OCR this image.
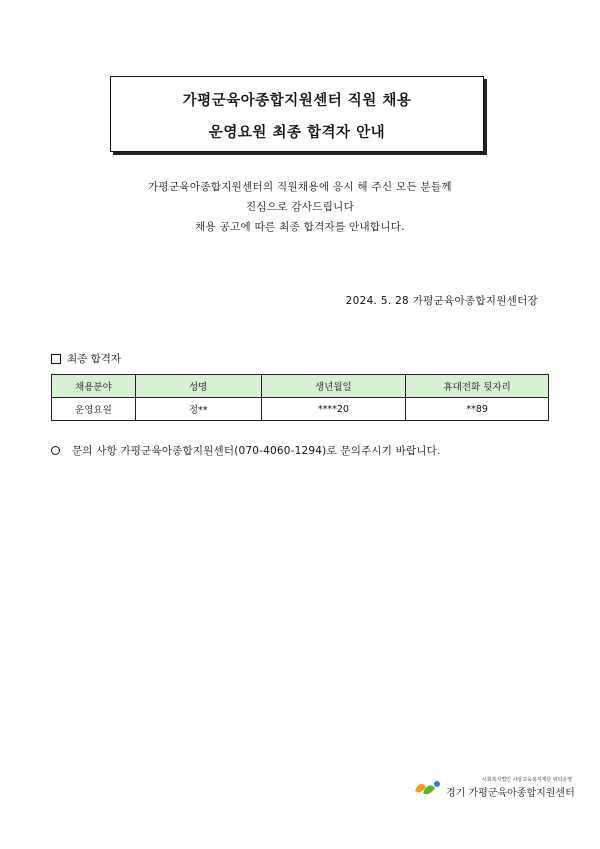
가평군육아종합지원센터 직원 채용
운영요원 최종 합격자 안내
가평군육아종합지원센터의 직원채용에 응시 해 주신 모든 분들께
진심으로 감사드립니다
채용 공고에 따른 최종 합격자를 안내합니다.
2024. 5. 28 가평군육아종합지원센터장
최종 합격자
채용분야	성명	생년월일	휴대전화 뒷자리
운영요원	정**	****20	**89
문의 사항 가평군육아종합지원센터(070-4060-1294)로 문의주시기 바랍니다.
사회복지법인 사랑교육복지재단 위탁운영
경기 가평군육아종합지원센터
